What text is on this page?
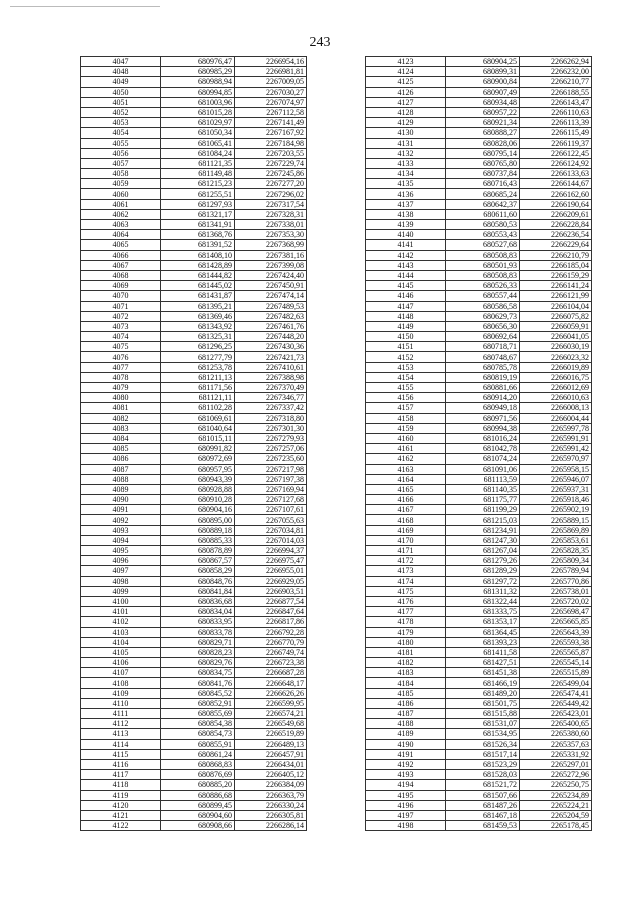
243
4047	680976,47	2266954,16
4048	680985,29	2266981,81
4049	680988,94	2267009,05
4050	680994,85	2267030,27
4051	681003,96	2267074,97
4052	681015,28	2267112,58
4053	681029,97	2267141,49
4054	681050,34	2267167,92
4055	681065,41	2267184,98
4056	681084,24	2267203,55
4057	681121,35	2267229,74
4058	681149,48	2267245,86
4059	681215,23	2267277,20
4060	681255,51	2267296,02
4061	681297,93	2267317,54
4062	681321,17	2267328,31
4063	681341,91	2267338,01
4064	681368,76	2267353,30
4065	681391,52	2267368,99
4066	681408,10	2267381,16
4067	681428,89	2267399,08
4068	681444,82	2267424,40
4069	681445,02	2267450,91
4070	681431,87	2267474,14
4071	681395,21	2267489,53
4072	681369,46	2267482,63
4073	681343,92	2267461,76
4074	681325,31	2267448,20
4075	681296,25	2267430,36
4076	681277,79	2267421,73
4077	681253,78	2267410,61
4078	681211,13	2267388,98
4079	681171,56	2267370,49
4080	681121,11	2267346,77
4081	681102,28	2267337,42
4082	681069,61	2267318,80
4083	681040,64	2267301,30
4084	681015,11	2267279,93
4085	680991,82	2267257,06
4086	680972,69	2267235,60
4087	680957,95	2267217,98
4088	680943,39	2267197,38
4089	680928,88	2267169,94
4090	680910,28	2267127,68
4091	680904,16	2267107,61
4092	680895,00	2267055,63
4093	680889,18	2267034,81
4094	680885,33	2267014,03
4095	680878,89	2266994,37
4096	680867,57	2266975,47
4097	680858,29	2266955,01
4098	680848,76	2266929,05
4099	680841,84	2266903,51
4100	680836,68	2266877,54
4101	680834,04	2266847,64
4102	680833,95	2266817,86
4103	680833,78	2266792,28
4104	680829,71	2266770,79
4105	680828,23	2266749,74
4106	680829,76	2266723,38
4107	680834,75	2266687,28
4108	680841,76	2266648,17
4109	680845,52	2266626,26
4110	680852,91	2266599,95
4111	680855,69	2266574,21
4112	680854,38	2266549,68
4113	680854,73	2266519,89
4114	680855,91	2266489,13
4115	680861,24	2266457,91
4116	680868,83	2266434,01
4117	680876,69	2266405,12
4118	680885,20	2266384,09
4119	680886,68	2266363,79
4120	680899,45	2266330,24
4121	680904,60	2266305,81
4122	680908,66	2266286,14
4123	680904,25	2266262,94
4124	680899,31	2266232,00
4125	680900,84	2266210,77
4126	680907,49	2266188,55
4127	680934,48	2266143,47
4128	680957,22	2266110,63
4129	680921,34	2266113,39
4130	680888,27	2266115,49
4131	680828,06	2266119,37
4132	680795,14	2266122,45
4133	680765,80	2266124,92
4134	680737,84	2266133,63
4135	680716,43	2266144,67
4136	680685,24	2266162,60
4137	680642,37	2266190,64
4138	680611,60	2266209,61
4139	680580,53	2266228,84
4140	680553,43	2266236,54
4141	680527,68	2266229,64
4142	680508,83	2266210,79
4143	680501,93	2266185,04
4144	680508,83	2266159,29
4145	680526,33	2266141,24
4146	680557,44	2266121,99
4147	680586,58	2266104,04
4148	680629,73	2266075,82
4149	680656,30	2266059,91
4150	680692,64	2266041,05
4151	680718,71	2266030,19
4152	680748,67	2266023,32
4153	680785,78	2266019,89
4154	680819,19	2266016,75
4155	680881,66	2266012,69
4156	680914,20	2266010,63
4157	680949,18	2266008,13
4158	680971,56	2266004,44
4159	680994,38	2265997,78
4160	681016,24	2265991,91
4161	681042,78	2265991,42
4162	681074,24	2265970,97
4163	681091,06	2265958,15
4164	681113,59	2265946,07
4165	681140,35	2265937,31
4166	681175,77	2265918,46
4167	681199,29	2265902,19
4168	681215,03	2265889,15
4169	681234,91	2265869,89
4170	681247,30	2265853,61
4171	681267,04	2265828,35
4172	681279,26	2265809,34
4173	681289,29	2265789,94
4174	681297,72	2265770,86
4175	681311,32	2265738,01
4176	681322,44	2265720,02
4177	681333,75	2265698,47
4178	681353,17	2265665,85
4179	681364,45	2265643,39
4180	681393,23	2265593,38
4181	681411,58	2265565,87
4182	681427,51	2265545,14
4183	681451,38	2265515,89
4184	681466,19	2265499,04
4185	681489,20	2265474,41
4186	681501,75	2265449,42
4187	681515,88	2265423,01
4188	681531,07	2265400,65
4189	681534,95	2265380,60
4190	681526,34	2265357,63
4191	681517,14	2265331,92
4192	681523,29	2265297,01
4193	681528,03	2265272,96
4194	681521,72	2265250,75
4195	681507,66	2265234,89
4196	681487,26	2265224,21
4197	681467,18	2265204,59
4198	681459,53	2265178,45
